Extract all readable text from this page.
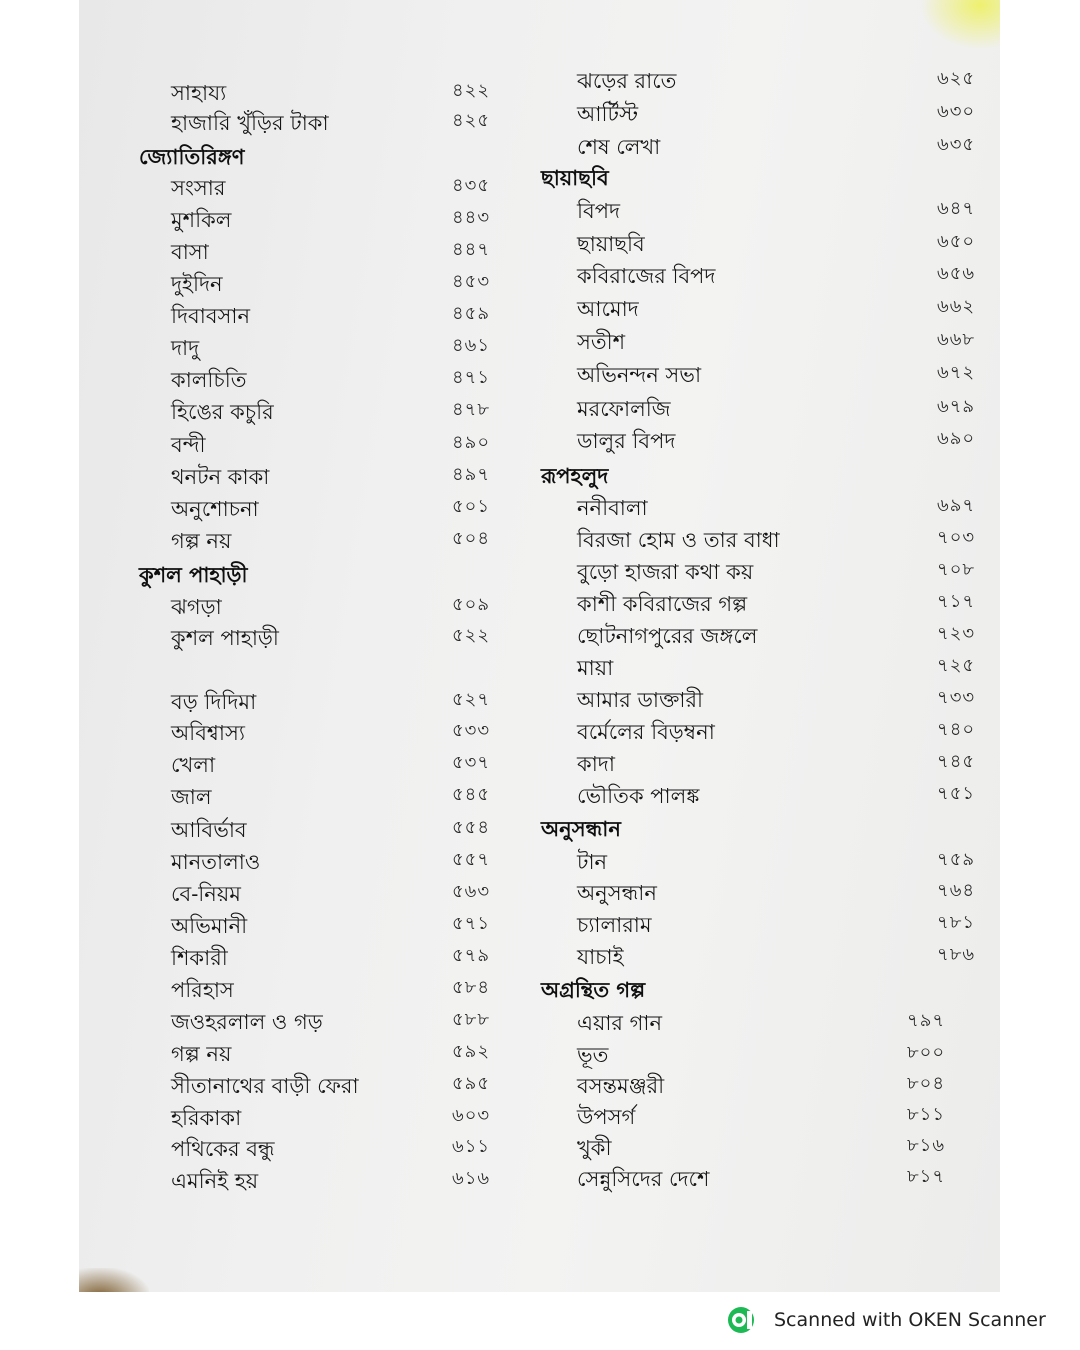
সাহায্য	৪২২
হাজারি খুঁড়ির টাকা	৪২৫
জ্যোতিরিঙ্গণ
সংসার	৪৩৫
মুশকিল	৪৪৩
বাসা	৪৪৭
দুইদিন	৪৫৩
দিবাবসান	৪৫৯
দাদু	৪৬১
কালচিতি	৪৭১
হিঙের কচুরি	৪৭৮
বন্দী	৪৯০
থনটন কাকা	৪৯৭
অনুশোচনা	৫০১
গল্প নয়	৫০৪
কুশল পাহাড়ী
ঝগড়া	৫০৯
কুশল পাহাড়ী	৫২২
বড় দিদিমা	৫২৭
অবিশ্বাস্য	৫৩৩
খেলা	৫৩৭
জাল	৫৪৫
আবির্ভাব	৫৫৪
মানতালাও	৫৫৭
বে-নিয়ম	৫৬৩
অভিমানী	৫৭১
শিকারী	৫৭৯
পরিহাস	৫৮৪
জওহরলাল ও গড়	৫৮৮
গল্প নয়	৫৯২
সীতানাথের বাড়ী ফেরা	৫৯৫
হরিকাকা	৬০৩
পথিকের বন্ধু	৬১১
এমনিই হয়	৬১৬
ঝড়ের রাতে	৬২৫
আর্টিস্ট	৬৩০
শেষ লেখা	৬৩৫
ছায়াছবি
বিপদ	৬৪৭
ছায়াছবি	৬৫০
কবিরাজের বিপদ	৬৫৬
আমোদ	৬৬২
সতীশ	৬৬৮
অভিনন্দন সভা	৬৭২
মরফোলজি	৬৭৯
ডালুর বিপদ	৬৯০
রূপহলুদ
ননীবালা	৬৯৭
বিরজা হোম ও তার বাধা	৭০৩
বুড়ো হাজরা কথা কয়	৭০৮
কাশী কবিরাজের গল্প	৭১৭
ছোটনাগপুরের জঙ্গলে	৭২৩
মায়া	৭২৫
আমার ডাক্তারী	৭৩৩
বর্মেলের বিড়ম্বনা	৭৪০
কাদা	৭৪৫
ভৌতিক পালঙ্ক	৭৫১
অনুসন্ধান
টান	৭৫৯
অনুসন্ধান	৭৬৪
চ্যালারাম	৭৮১
যাচাই	৭৮৬
অগ্রন্থিত গল্প
এয়ার গান	৭৯৭
ভূত	৮০০
বসন্তমঞ্জরী	৮০৪
উপসর্গ	৮১১
খুকী	৮১৬
সেন্নুসিদের দেশে	৮১৭
Scanned with OKEN Scanner
